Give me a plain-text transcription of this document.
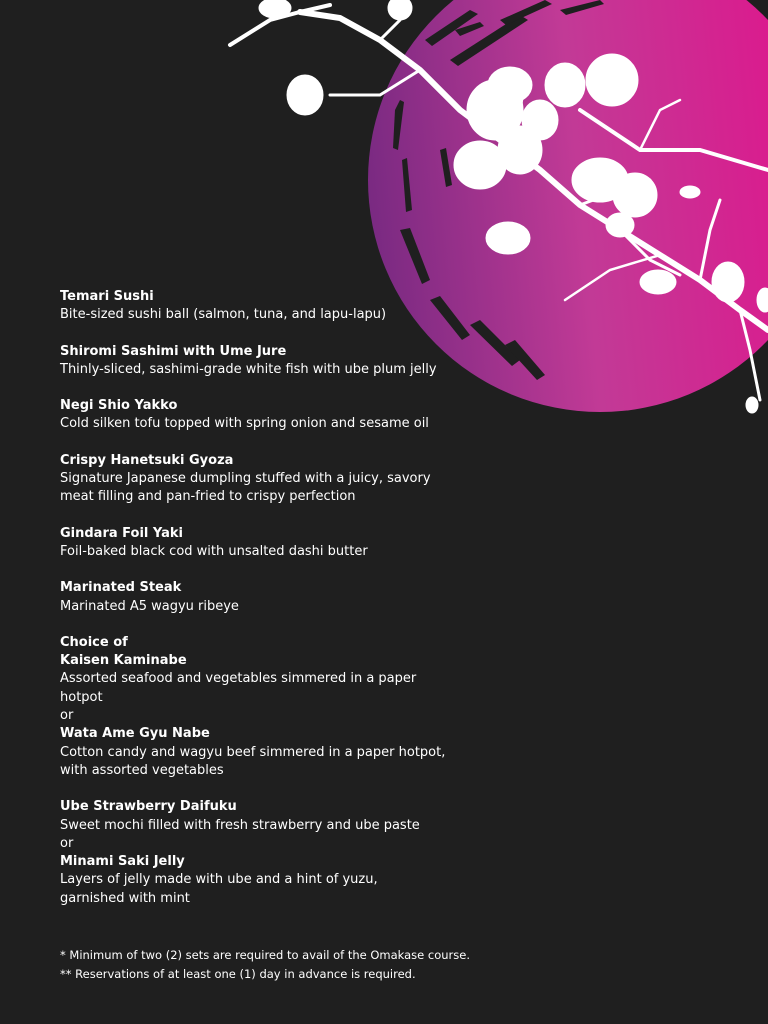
Temari Sushi
Bite-sized sushi ball (salmon, tuna, and lapu-lapu)
Shiromi Sashimi with Ume Jure
Thinly-sliced, sashimi-grade white fish with ube plum jelly
Negi Shio Yakko
Cold silken tofu topped with spring onion and sesame oil
Crispy Hanetsuki Gyoza
Signature Japanese dumpling stuffed with a juicy, savory
meat filling and pan-fried to crispy perfection
Gindara Foil Yaki
Foil-baked black cod with unsalted dashi butter
Marinated Steak
Marinated A5 wagyu ribeye
Choice of
Kaisen Kaminabe
Assorted seafood and vegetables simmered in a paper
hotpot
or
Wata Ame Gyu Nabe
Cotton candy and wagyu beef simmered in a paper hotpot,
with assorted vegetables
Ube Strawberry Daifuku
Sweet mochi filled with fresh strawberry and ube paste
or
Minami Saki Jelly
Layers of jelly made with ube and a hint of yuzu,
garnished with mint
* Minimum of two (2) sets are required to avail of the Omakase course.
** Reservations of at least one (1) day in advance is required.
